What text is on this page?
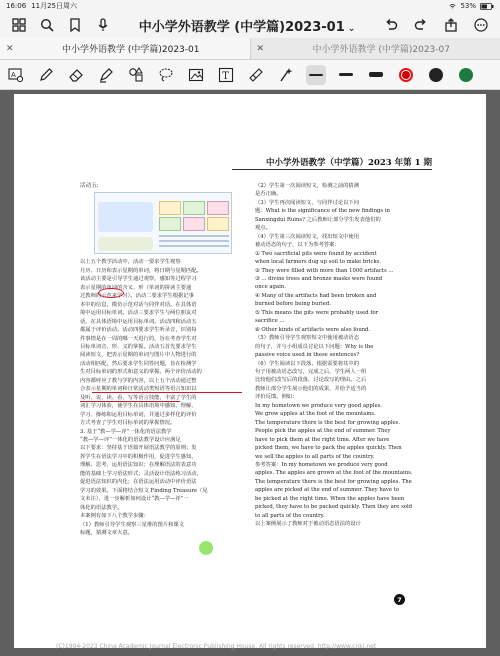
16:06 11月25日周六	53%
中小学外语教学 (中学篇)2023-01 ⌄
✕	中小学外语教学 (中学篇)2023-01	✕	中小学外语教学 (中学篇)2023-07
A	T
中小学外语教学（中学篇）2023 年第 1 期
活动五:

以上五个教学活动中，活动一要求学生观察

月历、日历和表示星期的单词，将日期与星期匹配。

该活动主要是引导学生通过观察，感知等过程学习

表示星期的单词的含义、形（单词的拼读主要通

过教师的示范来学习）。活动二要求学生根据记事

本中的信息，模仿示范对话与同伴对话。在具体语

境中运用目标单词。活动三要求学生与两位朋友对

话，在具体语境中运用目标单词。活动四和活动五

都属于评价活动。活动四要求学生听录音，识别每

件事情是在一周的哪一天进行的，旨在考查学生对

目标单词音、形、义的掌握。活动五首先要求学生

阅读短文，把表示星期的单词与图片中人物进行的

活动相匹配，然后要求学生同答问题，旨在检测学

生对目标单词的形式和意义的掌握。两个评价活动的

内容都呼应了教与学的内容，以上五个活动通过整

合表示星期的单词和日常活动类短语等语言知识以

及听、说、读、看、写等语言技能，丰富了学生的

词汇学习体验，使学生在具体语境中感知、理解、

学习、操练和运用目标单词，并通过多样化的评价

方式考查了学生对目标单词的掌握情况。

3. 基于“教—学—评”一体化的语法教学

“教—学—评”一体化的语法教学设计应满足

以下要求：坚持基于语篇开展语法教学的原则；发

挥学生在语法学习中的积极作用，促进学生感知、

理解、思考、运用语法知识；在理解语法的表意功

能的基础上学习语法形式；灵活设计语法练习活动，

促进语法知识的内化；在语法运用活动中评价语法

学习的效果。下面将结合短文 Finding Treasure（见

文末注），进一步解析如何设计“教—学—评”一

体化的语法教学。

本案例有如下八个教学步骤：

（1）教师引导学生观察三星堆的图片和课文

标题，猜测文章大意。

（2）学生第一次阅读短文，检测之前的猜测

是否正确。

（3）学生再次阅读短文，与同伴讨论以下问

题：What is the significance of the new findings in

Sanxingdui Ruins? 之后教师让部分学生发表他们的

观点。

（4）学生第三次阅读短文，找出短文中使用

被动语态的句子，以下为参考答案：

① Two sacrificial pits were found by accident

when local farmers dug up soil to make bricks.

② They were filled with more than 1000 artifacts ...

③ ... divine trees and bronze masks were found

once again.

④ Many of the artifacts had been broken and

burned before being buried.

⑤ This means the pits were probably used for

sacrifice ...

⑥ Other kinds of artifacts were also found.

（5）教师引导学生观察短文中使用被动语态

的句子，并与小组成员讨论以下问题：Why is the

passive voice used in these sentences?

（6）学生阅读以下段落，根据需要将其中的

句子用被动语态改写，完成之后，学生两人一组

比较他们改写后的段落，讨论改写的理由。之后

教师让部分学生展示他们的成果，并给予适当的

评价反馈。例如：

In my hometown we produce very good apples.

We grow apples at the foot of the mountains.

The temperature there is the best for growing apples.

People pick the apples at the end of summer. They

have to pick them at the right time. After we have

picked them, we have to pack the apples quickly. Then

we sell the apples to all parts of the country.

参考答案：In my hometown we produce very good

apples. The apples are grown at the foot of the mountains.

The temperature there is the best for growing apples. The

apples are picked at the end of summer. They have to

be picked at the right time. When the apples have been

picked, they have to be packed quickly. Then they are sold

to all parts of the country.

以上案例展示了教师对于被动语态语法的设计

7
(C)1994-2023 China Academic Journal Electronic Publishing House. All rights reserved. http://www.cnki.net
